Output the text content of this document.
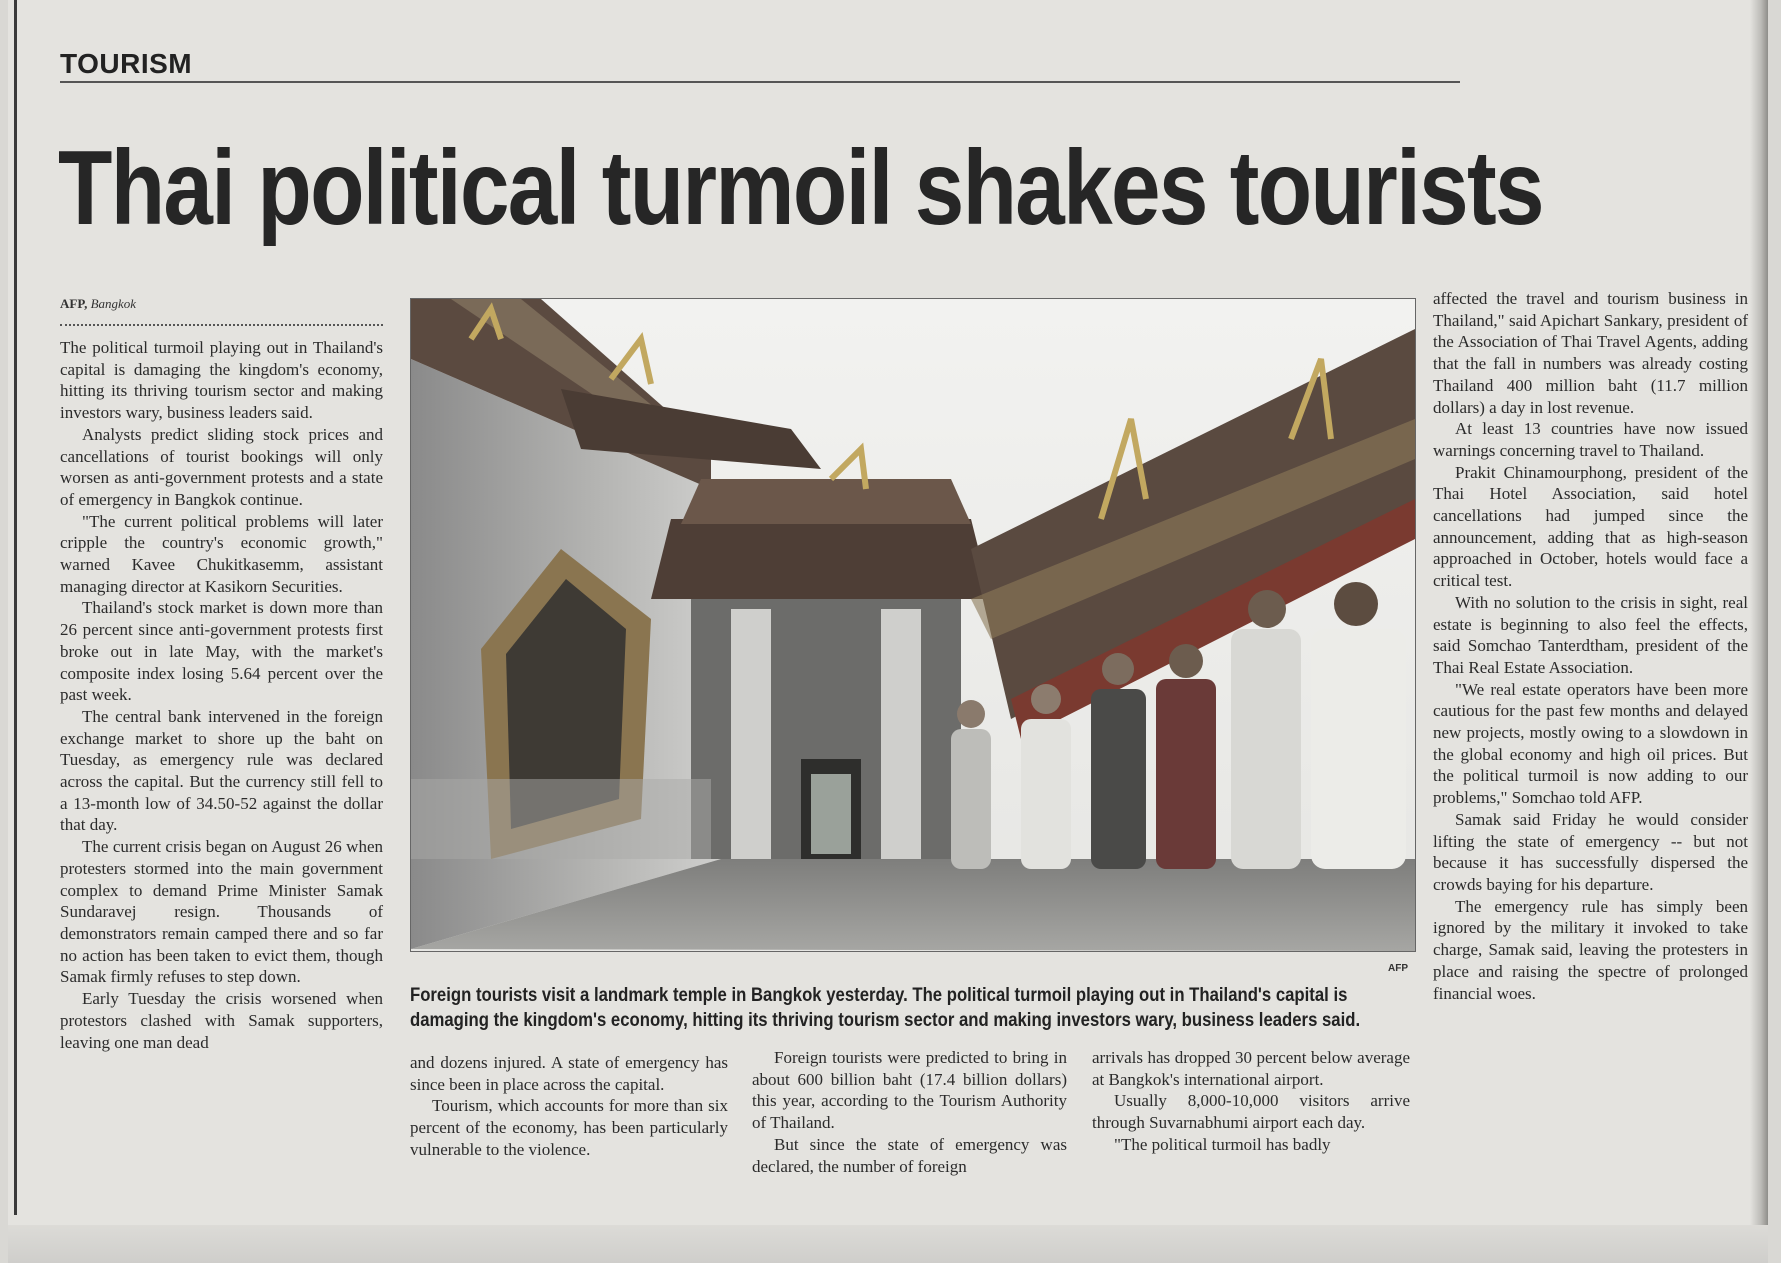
TOURISM
Thai political turmoil shakes tourists
AFP, Bangkok

The political turmoil playing out in Thailand's capital is damaging the kingdom's economy, hitting its thriving tourism sector and making investors wary, business leaders said.

Analysts predict sliding stock prices and cancellations of tourist bookings will only worsen as anti-government protests and a state of emergency in Bangkok continue.

"The current political problems will later cripple the country's economic growth," warned Kavee Chukitkasemm, assistant managing director at Kasikorn Securities.

Thailand's stock market is down more than 26 percent since anti-government protests first broke out in late May, with the market's composite index losing 5.64 percent over the past week.

The central bank intervened in the foreign exchange market to shore up the baht on Tuesday, as emergency rule was declared across the capital. But the currency still fell to a 13-month low of 34.50-52 against the dollar that day.

The current crisis began on August 26 when protesters stormed into the main government complex to demand Prime Minister Samak Sundaravej resign. Thousands of demonstrators remain camped there and so far no action has been taken to evict them, though Samak firmly refuses to step down.

Early Tuesday the crisis worsened when protestors clashed with Samak supporters, leaving one man dead

AFP
Foreign tourists visit a landmark temple in Bangkok yesterday. The political turmoil playing out in Thailand's capital is damaging the kingdom's economy, hitting its thriving tourism sector and making investors wary, business leaders said.

and dozens injured. A state of emergency has since been in place across the capital.

Tourism, which accounts for more than six percent of the economy, has been particularly vulnerable to the violence.

Foreign tourists were predicted to bring in about 600 billion baht (17.4 billion dollars) this year, according to the Tourism Authority of Thailand.

But since the state of emergency was declared, the number of foreign

arrivals has dropped 30 percent below average at Bangkok's international airport.

Usually 8,000-10,000 visitors arrive through Suvarnabhumi airport each day.

"The political turmoil has badly

affected the travel and tourism business in Thailand," said Apichart Sankary, president of the Association of Thai Travel Agents, adding that the fall in numbers was already costing Thailand 400 million baht (11.7 million dollars) a day in lost revenue.

At least 13 countries have now issued warnings concerning travel to Thailand.

Prakit Chinamourphong, president of the Thai Hotel Association, said hotel cancellations had jumped since the announcement, adding that as high-season approached in October, hotels would face a critical test.

With no solution to the crisis in sight, real estate is beginning to also feel the effects, said Somchao Tanterdtham, president of the Thai Real Estate Association.

"We real estate operators have been more cautious for the past few months and delayed new projects, mostly owing to a slowdown in the global economy and high oil prices. But the political turmoil is now adding to our problems," Somchao told AFP.

Samak said Friday he would consider lifting the state of emergency -- but not because it has successfully dispersed the crowds baying for his departure.

The emergency rule has simply been ignored by the military it invoked to take charge, Samak said, leaving the protesters in place and raising the spectre of prolonged financial woes.
